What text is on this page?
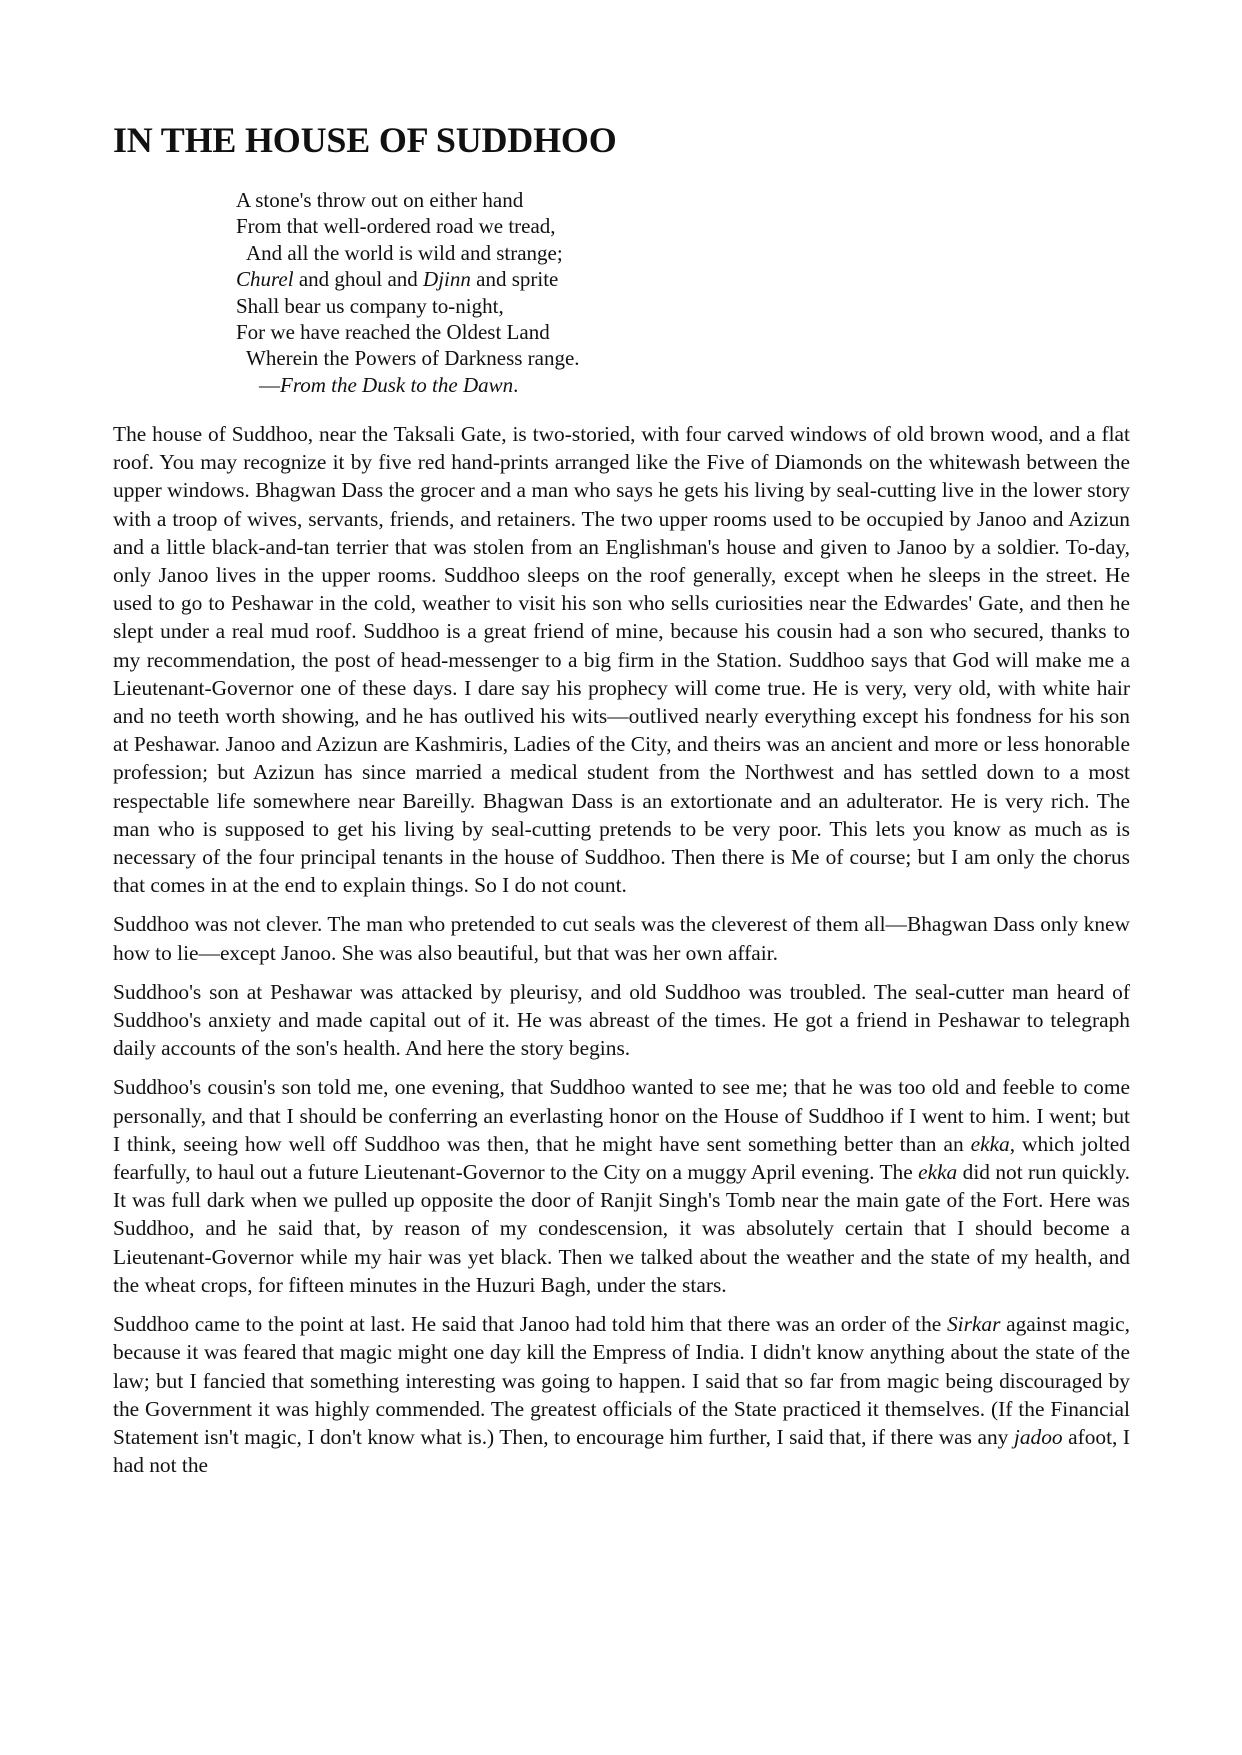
IN THE HOUSE OF SUDDHOO
A stone's throw out on either hand
From that well-ordered road we tread,
And all the world is wild and strange;
Churel and ghoul and Djinn and sprite
Shall bear us company to-night,
For we have reached the Oldest Land
Wherein the Powers of Darkness range.
—From the Dusk to the Dawn.

The house of Suddhoo, near the Taksali Gate, is two-storied, with four carved windows of old brown wood, and a flat roof. You may recognize it by five red hand-prints arranged like the Five of Diamonds on the whitewash between the upper windows. Bhagwan Dass the grocer and a man who says he gets his living by seal-cutting live in the lower story with a troop of wives, servants, friends, and retainers. The two upper rooms used to be occupied by Janoo and Azizun and a little black-and-tan terrier that was stolen from an Englishman's house and given to Janoo by a soldier. To-day, only Janoo lives in the upper rooms. Suddhoo sleeps on the roof generally, except when he sleeps in the street. He used to go to Peshawar in the cold, weather to visit his son who sells curiosities near the Edwardes' Gate, and then he slept under a real mud roof. Suddhoo is a great friend of mine, because his cousin had a son who secured, thanks to my recommendation, the post of head-messenger to a big firm in the Station. Suddhoo says that God will make me a Lieutenant-Governor one of these days. I dare say his prophecy will come true. He is very, very old, with white hair and no teeth worth showing, and he has outlived his wits—outlived nearly everything except his fondness for his son at Peshawar. Janoo and Azizun are Kashmiris, Ladies of the City, and theirs was an ancient and more or less honorable profession; but Azizun has since married a medical student from the Northwest and has settled down to a most respectable life somewhere near Bareilly. Bhagwan Dass is an extortionate and an adulterator. He is very rich. The man who is supposed to get his living by seal-cutting pretends to be very poor. This lets you know as much as is necessary of the four principal tenants in the house of Suddhoo. Then there is Me of course; but I am only the chorus that comes in at the end to explain things. So I do not count.

Suddhoo was not clever. The man who pretended to cut seals was the cleverest of them all—Bhagwan Dass only knew how to lie—except Janoo. She was also beautiful, but that was her own affair.

Suddhoo's son at Peshawar was attacked by pleurisy, and old Suddhoo was troubled. The seal-cutter man heard of Suddhoo's anxiety and made capital out of it. He was abreast of the times. He got a friend in Peshawar to telegraph daily accounts of the son's health. And here the story begins.

Suddhoo's cousin's son told me, one evening, that Suddhoo wanted to see me; that he was too old and feeble to come personally, and that I should be conferring an everlasting honor on the House of Suddhoo if I went to him. I went; but I think, seeing how well off Suddhoo was then, that he might have sent something better than an ekka, which jolted fearfully, to haul out a future Lieutenant-Governor to the City on a muggy April evening. The ekka did not run quickly. It was full dark when we pulled up opposite the door of Ranjit Singh's Tomb near the main gate of the Fort. Here was Suddhoo, and he said that, by reason of my condescension, it was absolutely certain that I should become a Lieutenant-Governor while my hair was yet black. Then we talked about the weather and the state of my health, and the wheat crops, for fifteen minutes in the Huzuri Bagh, under the stars.

Suddhoo came to the point at last. He said that Janoo had told him that there was an order of the Sirkar against magic, because it was feared that magic might one day kill the Empress of India. I didn't know anything about the state of the law; but I fancied that something interesting was going to happen. I said that so far from magic being discouraged by the Government it was highly commended. The greatest officials of the State practiced it themselves. (If the Financial Statement isn't magic, I don't know what is.) Then, to encourage him further, I said that, if there was any jadoo afoot, I had not the
